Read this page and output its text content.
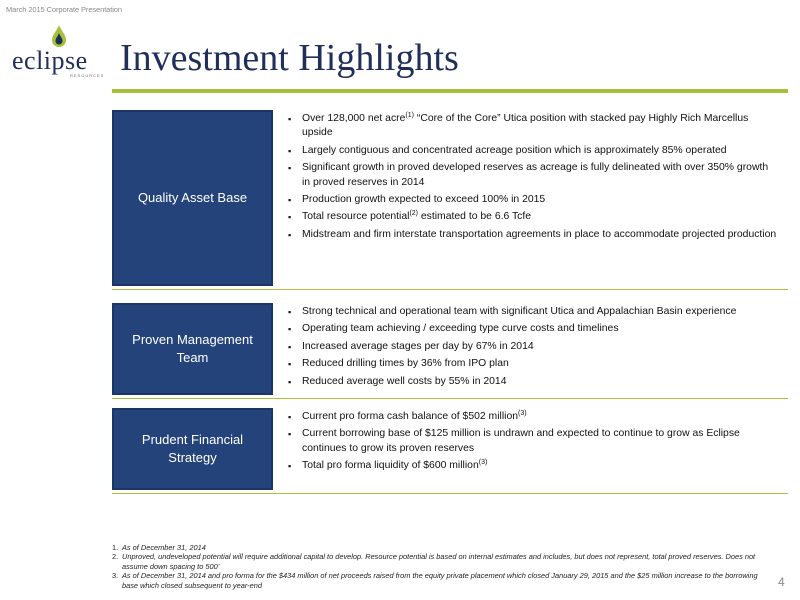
March 2015 Corporate Presentation
eclipse
RESOURCES Investment Highlights
Quality Asset Base
▪ Over 128,000 net acre$^{(1)}$ “Core of the Core” Utica position with stacked pay Highly Rich Marcellus upside
▪ Largely contiguous and concentrated acreage position which is approximately 85% operated
▪ Significant growth in proved developed reserves as acreage is fully delineated with over 350% growth in proved reserves in 2014
▪ Production growth expected to exceed 100% in 2015
▪ Total resource potential$^{(2)}$ estimated to be 6.6 Tcfe
▪ Midstream and firm interstate transportation agreements in place to accommodate projected production
Proven Management Team
▪ Strong technical and operational team with significant Utica and Appalachian Basin experience
▪ Operating team achieving / exceeding type curve costs and timelines
▪ Increased average stages per day by 67% in 2014
▪ Reduced drilling times by 36% from IPO plan
▪ Reduced average well costs by 55% in 2014
Prudent Financial Strategy
▪ Current pro forma cash balance of $502 million$^{(3)}$
▪ Current borrowing base of $125 million is undrawn and expected to continue to grow as Eclipse continues to grow its proven reserves
▪ Total pro forma liquidity of $600 million$^{(3)}$
1. As of December 31, 2014
2. Unproved, undeveloped potential will require additional capital to develop. Resource potential is based on internal estimates and includes, but does not represent, total proved reserves. Does not assume down spacing to 500’
3. As of December 31, 2014 and pro forma for the $434 million of net proceeds raised from the equity private placement which closed January 29, 2015 and the $25 million increase to the borrowing base which closed subsequent to year-end	4
